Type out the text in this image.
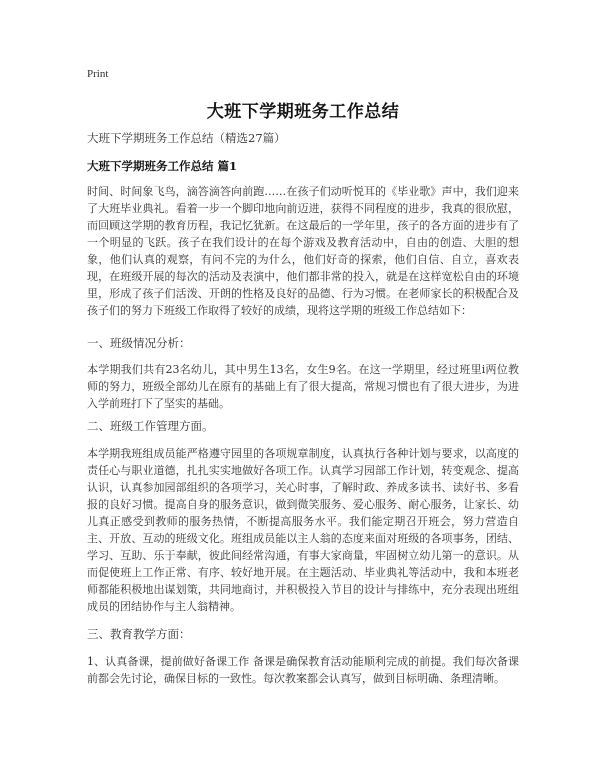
Print
大班下学期班务工作总结
大班下学期班务工作总结（精选27篇）
大班下学期班务工作总结 篇1
时间、时间象飞鸟，滴答滴答向前跑……在孩子们动听悦耳的《毕业歌》声中，我们迎来了大班毕业典礼。看着一步一个脚印地向前迈进，获得不同程度的进步，我真的很欣慰，而回顾这学期的教育历程，我记忆犹新。在这最后的一学年里，孩子的各方面的进步有了一个明显的飞跃。孩子在我们设计的在每个游戏及教育活动中，自由的创造、大胆的想象，他们认真的观察，有问不完的为什么，他们好奇的探索，他们自信、自立，喜欢表现，在班级开展的每次的活动及表演中，他们都非常的投入，就是在这样宽松自由的环境里，形成了孩子们活泼、开朗的性格及良好的品德、行为习惯。在老师家长的积极配合及孩子们的努力下班级工作取得了较好的成绩，现将这学期的班级工作总结如下：
一、班级情况分析：
本学期我们共有23名幼儿，其中男生13名，女生9名。在这一学期里，经过班里i两位教师的努力，班级全部幼儿在原有的基础上有了很大提高，常规习惯也有了很大进步，为进入学前班打下了坚实的基础。
二、班级工作管理方面。
本学期我班组成员能严格遵守园里的各项规章制度，认真执行各种计划与要求，以高度的责任心与职业道德，扎扎实实地做好各项工作。认真学习园部工作计划，转变观念、提高认识，认真参加园部组织的各项学习，关心时事，了解时政、养成多读书、读好书、多看报的良好习惯。提高自身的服务意识，做到微笑服务、爱心服务、耐心服务，让家长、幼儿真正感受到教师的服务热情，不断提高服务水平。我们能定期召开班会，努力营造自主、开放、互动的班级文化。班组成员能以主人翁的态度来面对班级的各项事务，团结、学习、互助、乐于奉献，彼此间经常沟通，有事大家商量，牢固树立幼儿第一的意识。从而促使班上工作正常、有序、较好地开展。在主题活动、毕业典礼等活动中，我和本班老师都能积极地出谋划策，共同地商讨，并积极投入节目的设计与排练中，充分表现出班组成员的团结协作与主人翁精神。
三、教育教学方面：
1、认真备课，提前做好备课工作 备课是确保教育活动能顺利完成的前提。我们每次备课前都会先讨论，确保目标的一致性。每次教案都会认真写，做到目标明确、条理清晰。
